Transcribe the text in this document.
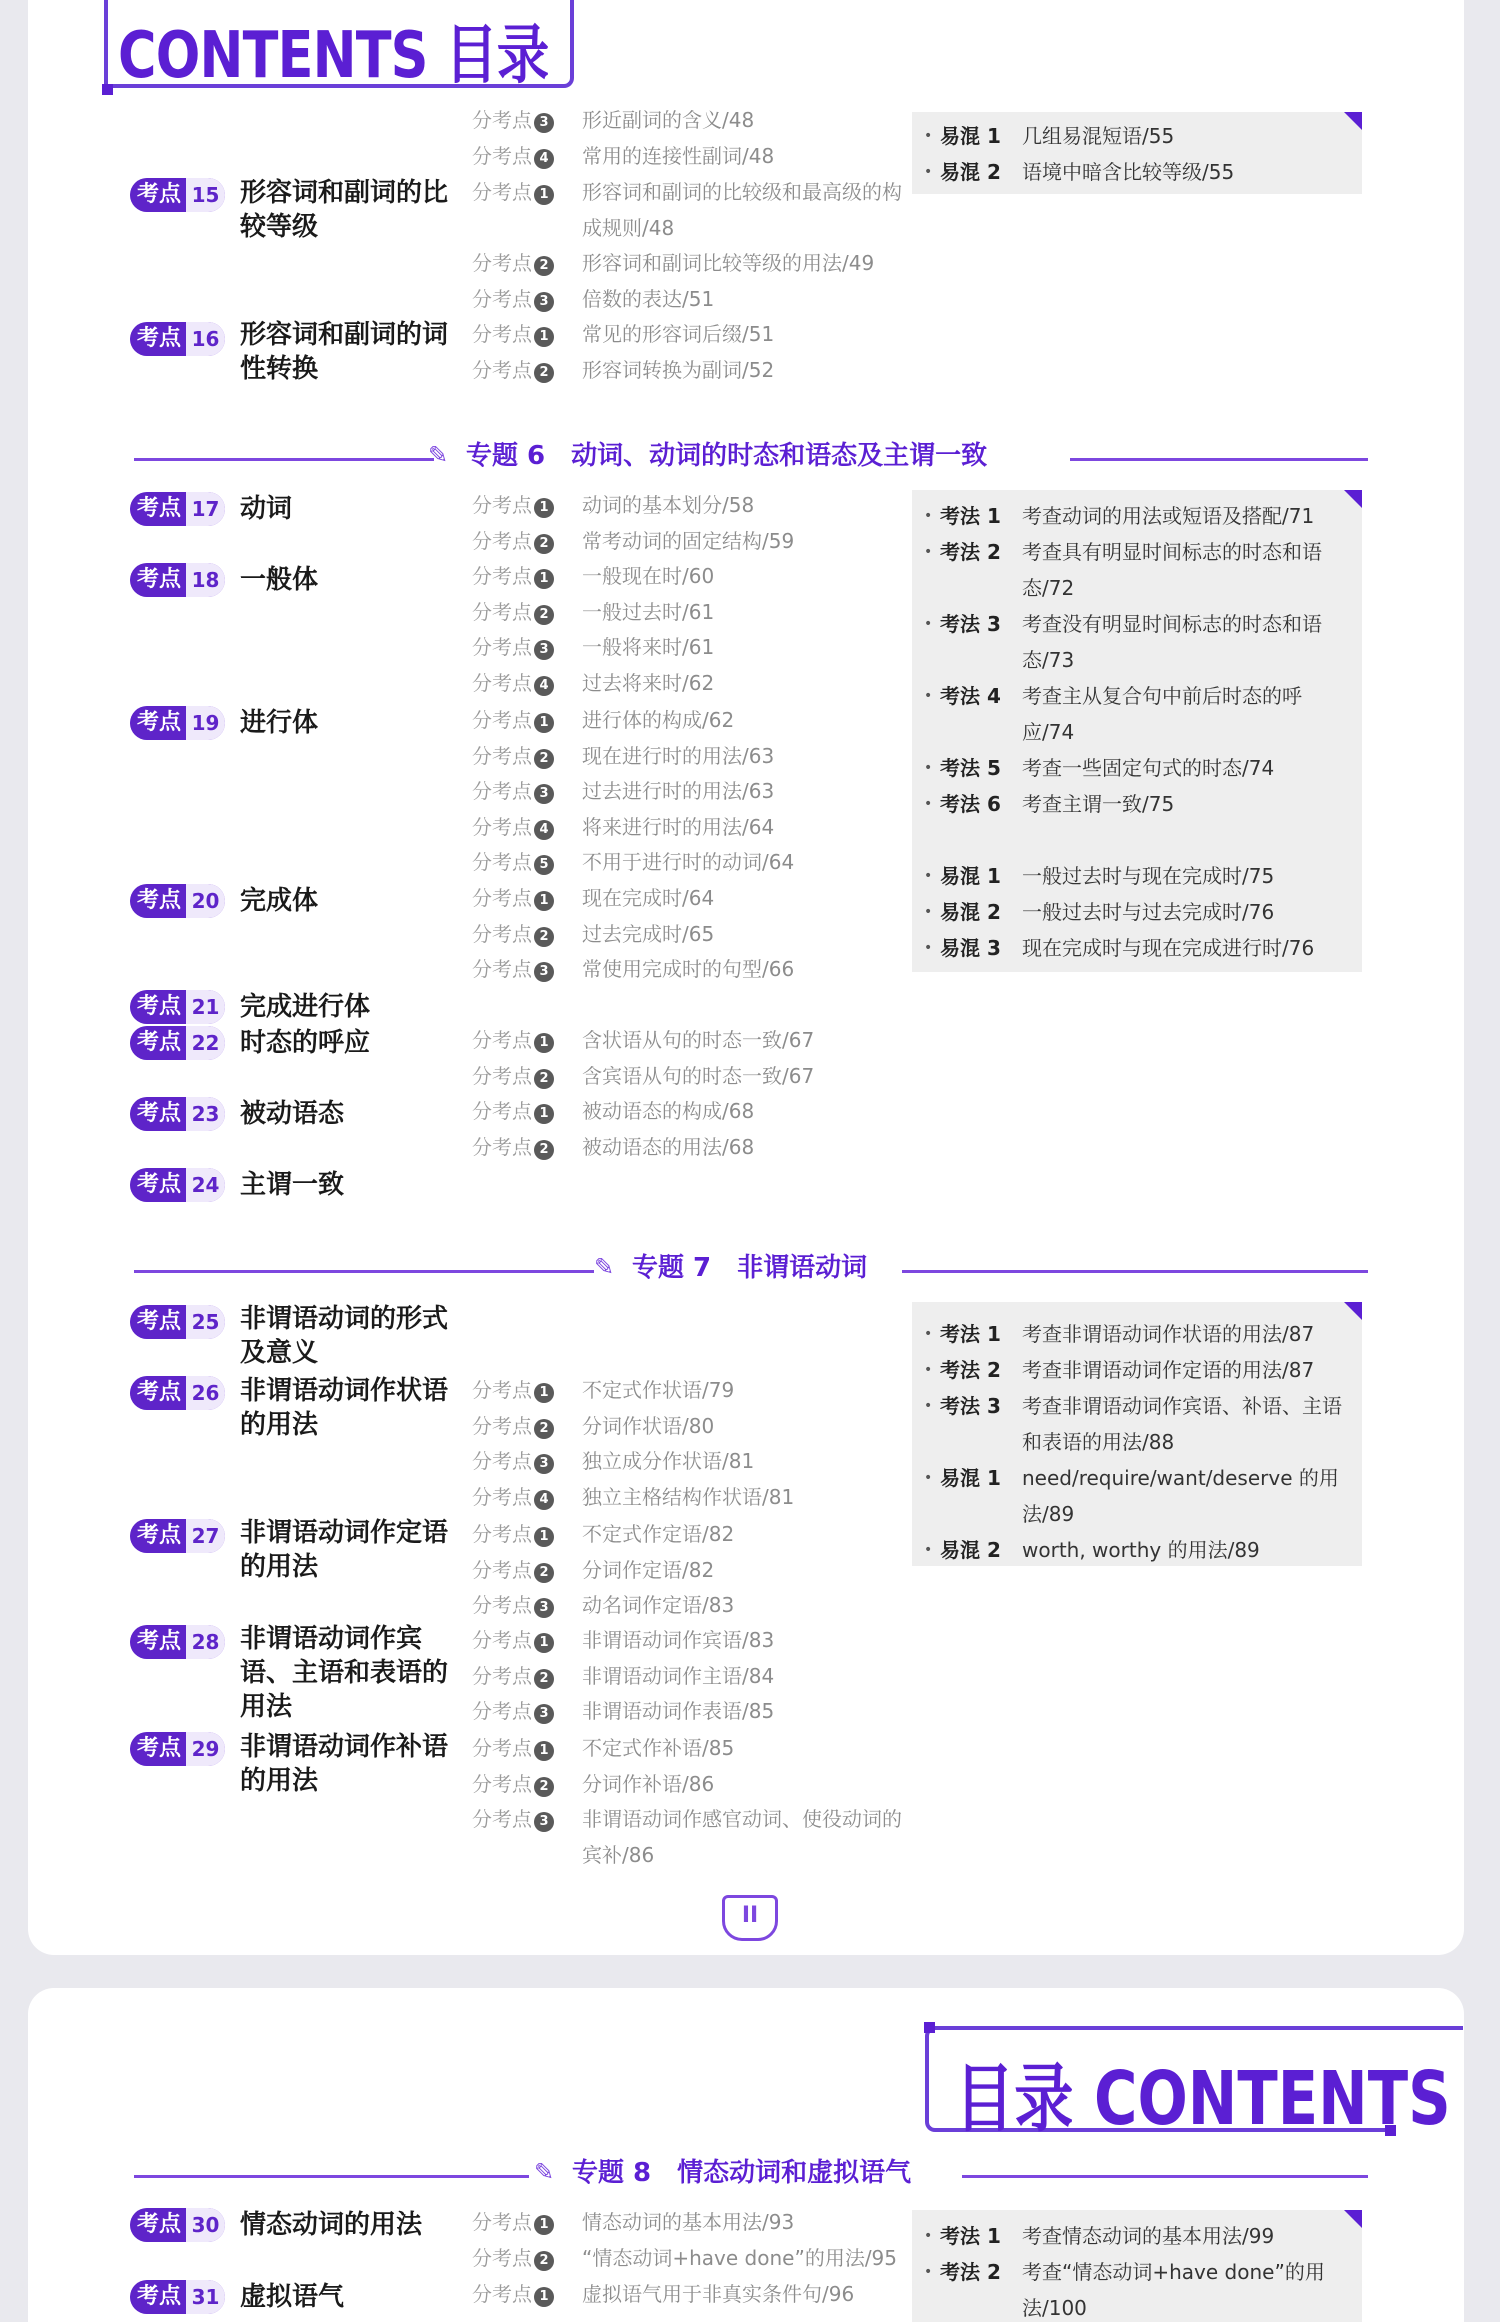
CONTENTS 目录
分考点 3 形近副词的含义/48
分考点 4 常用的连接性副词/48
考点 15 形容词和副词的比较等级
分考点 1 形容词和副词的比较级和最高级的构成规则/48
分考点 2 形容词和副词比较等级的用法/49
分考点 3 倍数的表达/51
考点 16 形容词和副词的词性转换
分考点 1 常见的形容词后缀/51
分考点 2 形容词转换为副词/52
• 易混 1 几组易混短语/55
• 易混 2 语境中暗含比较等级/55
✎ 专题 6　动词、动词的时态和语态及主谓一致
考点 17 动词	分考点 1 动词的基本划分/58
分考点 2 常考动词的固定结构/59
考点 18 一般体	分考点 1 一般现在时/60
分考点 2 一般过去时/61
分考点 3 一般将来时/61
分考点 4 过去将来时/62
考点 19 进行体	分考点 1 进行体的构成/62
分考点 2 现在进行时的用法/63
分考点 3 过去进行时的用法/63
分考点 4 将来进行时的用法/64
分考点 5 不用于进行时的动词/64
考点 20 完成体	分考点 1 现在完成时/64
分考点 2 过去完成时/65
分考点 3 常使用完成时的句型/66
考点 21 完成进行体
考点 22 时态的呼应	分考点 1 含状语从句的时态一致/67
分考点 2 含宾语从句的时态一致/67
考点 23 被动语态	分考点 1 被动语态的构成/68
分考点 2 被动语态的用法/68
考点 24 主谓一致
• 考法 1 考查动词的用法或短语及搭配/71
• 考法 2 考查具有明显时间标志的时态和语态/72
• 考法 3 考查没有明显时间标志的时态和语态/73
• 考法 4 考查主从复合句中前后时态的呼应/74
• 考法 5 考查一些固定句式的时态/74
• 考法 6 考查主谓一致/75
• 易混 1 一般过去时与现在完成时/75
• 易混 2 一般过去时与过去完成时/76
• 易混 3 现在完成时与现在完成进行时/76
✎ 专题 7　非谓语动词
考点 25 非谓语动词的形式及意义
考点 26 非谓语动词作状语的用法
分考点 1 不定式作状语/79
分考点 2 分词作状语/80
分考点 3 独立成分作状语/81
分考点 4 独立主格结构作状语/81
考点 27 非谓语动词作定语的用法
分考点 1 不定式作定语/82
分考点 2 分词作定语/82
分考点 3 动名词作定语/83
考点 28 非谓语动词作宾语、主语和表语的用法
分考点 1 非谓语动词作宾语/83
分考点 2 非谓语动词作主语/84
分考点 3 非谓语动词作表语/85
考点 29 非谓语动词作补语的用法
分考点 1 不定式作补语/85
分考点 2 分词作补语/86
分考点 3 非谓语动词作感官动词、使役动词的宾补/86
• 考法 1 考查非谓语动词作状语的用法/87
• 考法 2 考查非谓语动词作定语的用法/87
• 考法 3 考查非谓语动词作宾语、补语、主语和表语的用法/88
• 易混 1 need/require/want/deserve 的用法/89
• 易混 2 worth, worthy 的用法/89
✎ 专题 8　情态动词和虚拟语气
考点 30 情态动词的用法	分考点 1 情态动词的基本用法/93
分考点 2 “情态动词+have done”的用法/95
考点 31 虚拟语气	分考点 1 虚拟语气用于非真实条件句/96
• 考法 1 考查情态动词的基本用法/99
• 考法 2 考查“情态动词+have done”的用法/100
II
目录 CONTENTS
